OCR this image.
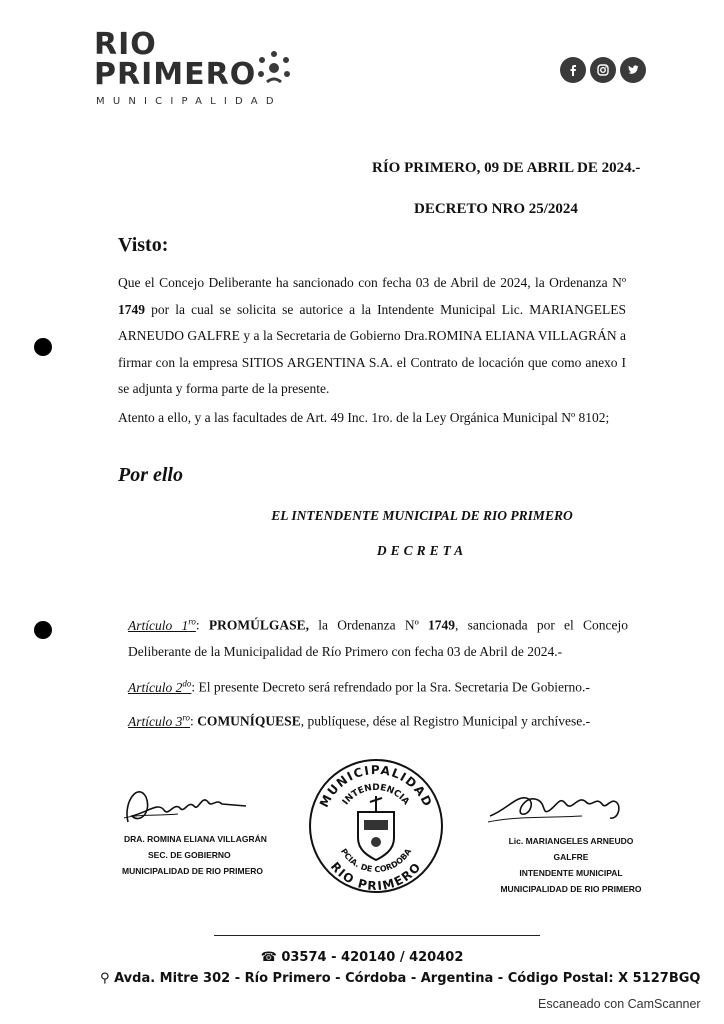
RIO
PRIMERO
MUNICIPALIDAD
RÍO PRIMERO, 09 DE ABRIL DE 2024.-
DECRETO NRO 25/2024
Visto:
Que el Concejo Deliberante ha sancionado con fecha 03 de Abril de 2024, la Ordenanza Nº 1749 por la cual se solicita se autorice a la Intendente Municipal Lic. MARIANGELES ARNEUDO GALFRE y a la Secretaria de Gobierno Dra.ROMINA ELIANA VILLAGRÁN a firmar con la empresa SITIOS ARGENTINA S.A. el Contrato de locación que como anexo I se adjunta y forma parte de la presente.
Atento a ello, y a las facultades de Art. 49 Inc. 1ro. de la Ley Orgánica Municipal Nº 8102;
Por ello
EL INTENDENTE MUNICIPAL DE RIO PRIMERO
DECRETA
Artículo $1^{ro}$: PROMÚLGASE, la Ordenanza Nº 1749, sancionada por el Concejo Deliberante de la Municipalidad de Río Primero con fecha 03 de Abril de 2024.-
Artículo $2^{do}$: El presente Decreto será refrendado por la Sra. Secretaria De Gobierno.-
Artículo $3^{ro}$: COMUNÍQUESE, publíquese, dése al Registro Municipal y archívese.-
DRA. ROMINA ELIANA VILLAGRÁN
SEC. DE GOBIERNO
MUNICIPALIDAD DE RIO PRIMERO
MUNICIPALIDAD
INTENDENCIA
PCIA. DE CORDOBA
RIO PRIMERO
Lic. MARIANGELES ARNEUDO GALFRE
INTENDENTE MUNICIPAL
MUNICIPALIDAD DE RIO PRIMERO
☎ 03574 - 420140 / 420402
⚲ Avda. Mitre 302 - Río Primero - Córdoba - Argentina - Código Postal: X 5127BGQ
Escaneado con CamScanner
